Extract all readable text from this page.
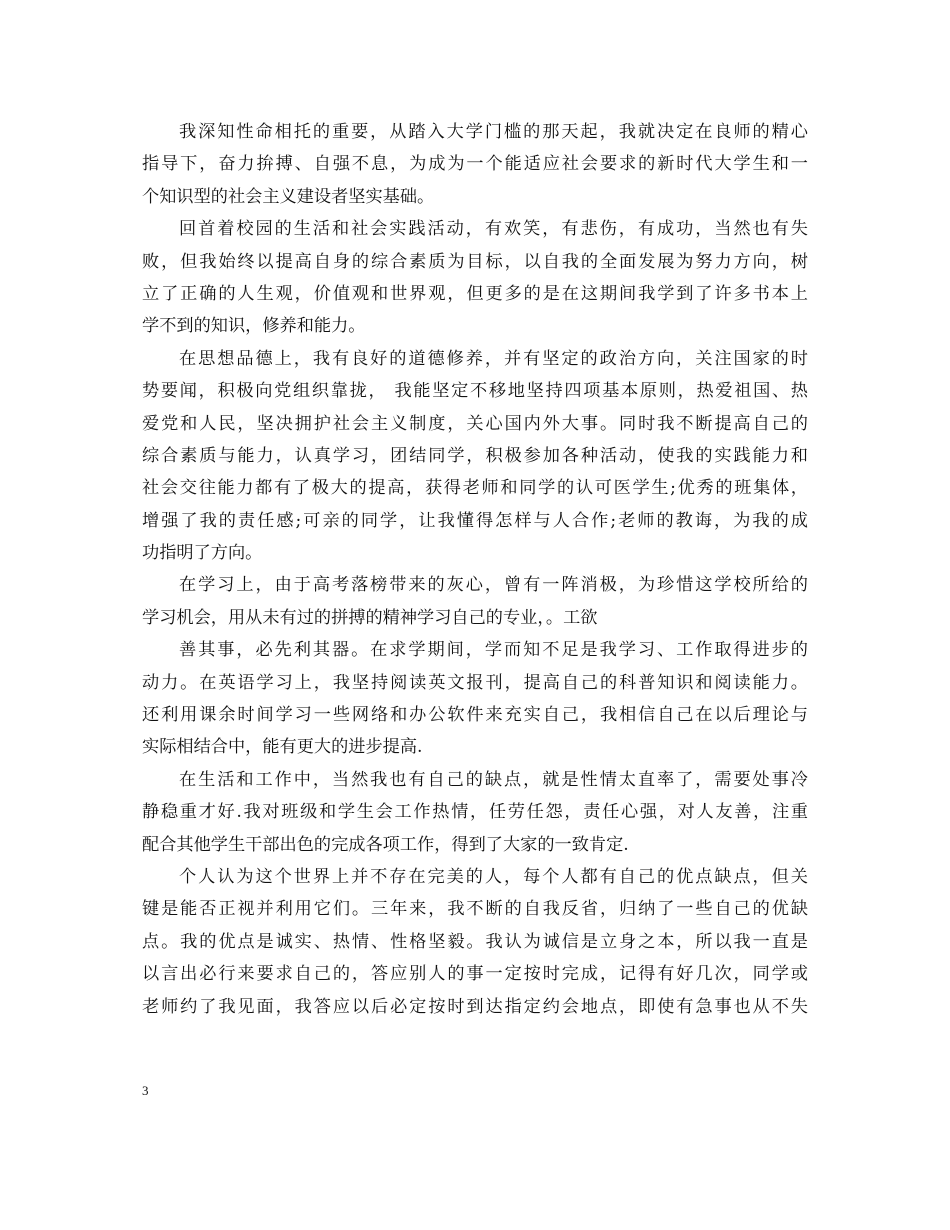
我深知性命相托的重要，从踏入大学门槛的那天起，我就决定在良师的精心
指导下，奋力拚搏、自强不息，为成为一个能适应社会要求的新时代大学生和一
个知识型的社会主义建设者坚实基础。
回首着校园的生活和社会实践活动，有欢笑，有悲伤，有成功，当然也有失
败，但我始终以提高自身的综合素质为目标，以自我的全面发展为努力方向，树
立了正确的人生观，价值观和世界观，但更多的是在这期间我学到了许多书本上
学不到的知识，修养和能力。
在思想品德上，我有良好的道德修养，并有坚定的政治方向，关注国家的时
势要闻，积极向党组织靠拢， 我能坚定不移地坚持四项基本原则，热爱祖国、热
爱党和人民，坚决拥护社会主义制度，关心国内外大事。同时我不断提高自己的
综合素质与能力，认真学习，团结同学，积极参加各种活动，使我的实践能力和
社会交往能力都有了极大的提高，获得老师和同学的认可医学生;优秀的班集体，
增强了我的责任感;可亲的同学，让我懂得怎样与人合作;老师的教诲，为我的成
功指明了方向。
在学习上，由于高考落榜带来的灰心，曾有一阵消极，为珍惜这学校所给的
学习机会，用从未有过的拼搏的精神学习自己的专业，。工欲
善其事，必先利其器。在求学期间，学而知不足是我学习、工作取得进步的
动力。在英语学习上，我坚持阅读英文报刊，提高自己的科普知识和阅读能力。
还利用课余时间学习一些网络和办公软件来充实自己，我相信自己在以后理论与
实际相结合中，能有更大的进步提高.
在生活和工作中，当然我也有自己的缺点，就是性情太直率了，需要处事冷
静稳重才好.我对班级和学生会工作热情，任劳任怨，责任心强，对人友善，注重
配合其他学生干部出色的完成各项工作，得到了大家的一致肯定.
个人认为这个世界上并不存在完美的人，每个人都有自己的优点缺点，但关
键是能否正视并利用它们。三年来，我不断的自我反省，归纳了一些自己的优缺
点。我的优点是诚实、热情、性格坚毅。我认为诚信是立身之本，所以我一直是
以言出必行来要求自己的，答应别人的事一定按时完成，记得有好几次，同学或
老师约了我见面，我答应以后必定按时到达指定约会地点，即使有急事也从不失
3
